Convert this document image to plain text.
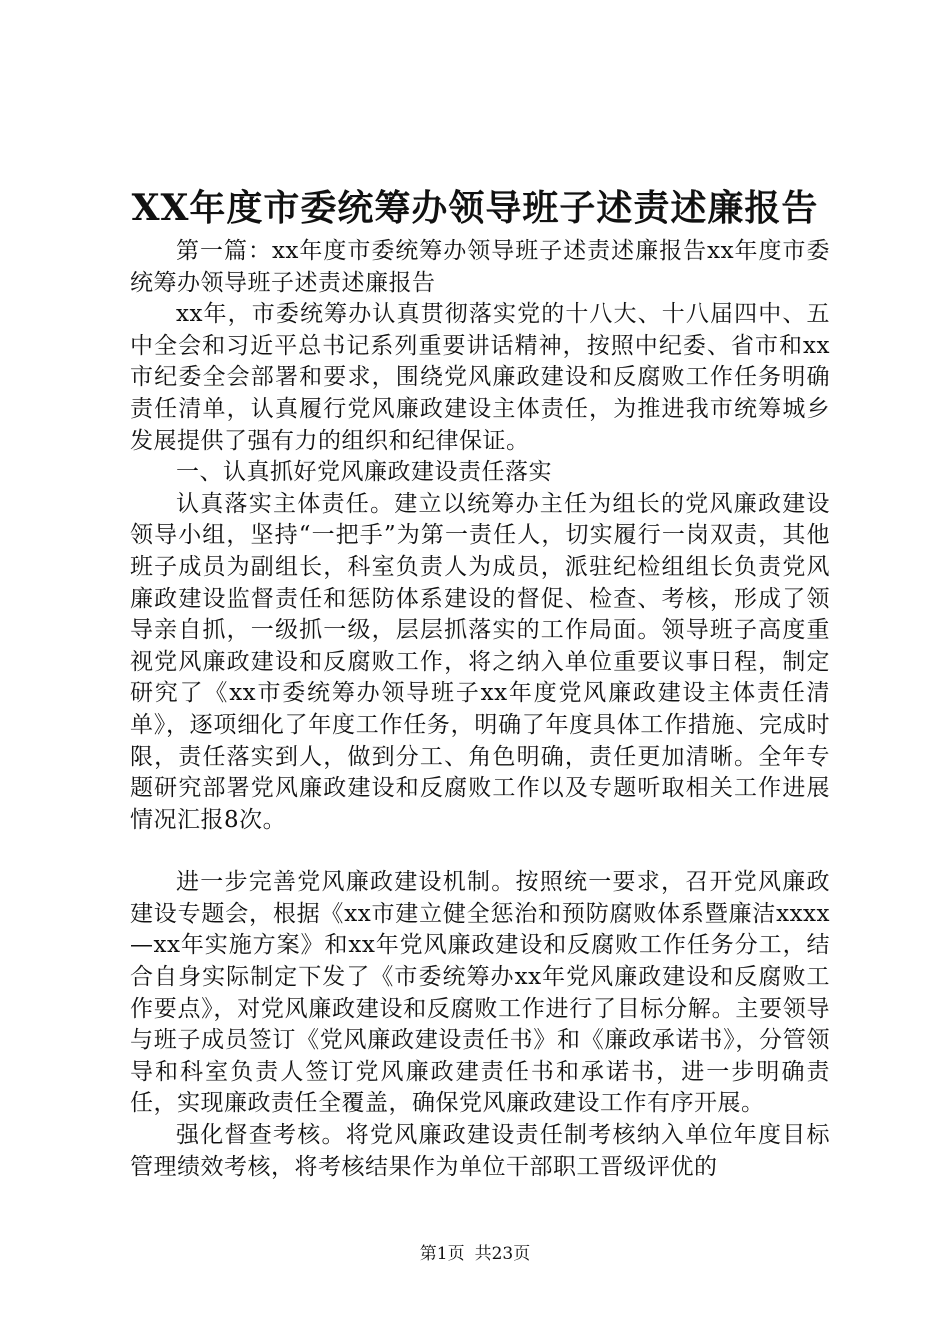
XX年度市委统筹办领导班子述责述廉报告

第一篇：xx年度市委统筹办领导班子述责述廉报告xx年度市委统筹办领导班子述责述廉报告

xx年，市委统筹办认真贯彻落实党的十八大、十八届四中、五中全会和习近平总书记系列重要讲话精神，按照中纪委、省市和xx市纪委全会部署和要求，围绕党风廉政建设和反腐败工作任务明确责任清单，认真履行党风廉政建设主体责任，为推进我市统筹城乡发展提供了强有力的组织和纪律保证。

一、认真抓好党风廉政建设责任落实

认真落实主体责任。建立以统筹办主任为组长的党风廉政建设领导小组，坚持“一把手”为第一责任人，切实履行一岗双责，其他班子成员为副组长，科室负责人为成员，派驻纪检组组长负责党风廉政建设监督责任和惩防体系建设的督促、检查、考核，形成了领导亲自抓，一级抓一级，层层抓落实的工作局面。领导班子高度重视党风廉政建设和反腐败工作，将之纳入单位重要议事日程，制定研究了《xx市委统筹办领导班子xx年度党风廉政建设主体责任清单》，逐项细化了年度工作任务，明确了年度具体工作措施、完成时限，责任落实到人，做到分工、角色明确，责任更加清晰。全年专题研究部署党风廉政建设和反腐败工作以及专题听取相关工作进展情况汇报8次。

进一步完善党风廉政建设机制。按照统一要求，召开党风廉政建设专题会，根据《xx市建立健全惩治和预防腐败体系暨廉洁xxxx—xx年实施方案》和xx年党风廉政建设和反腐败工作任务分工，结合自身实际制定下发了《市委统筹办xx年党风廉政建设和反腐败工作要点》，对党风廉政建设和反腐败工作进行了目标分解。主要领导与班子成员签订《党风廉政建设责任书》和《廉政承诺书》，分管领导和科室负责人签订党风廉政建责任书和承诺书，进一步明确责任，实现廉政责任全覆盖，确保党风廉政建设工作有序开展。

强化督查考核。将党风廉政建设责任制考核纳入单位年度目标管理绩效考核，将考核结果作为单位干部职工晋级评优的

第1页 共23页
